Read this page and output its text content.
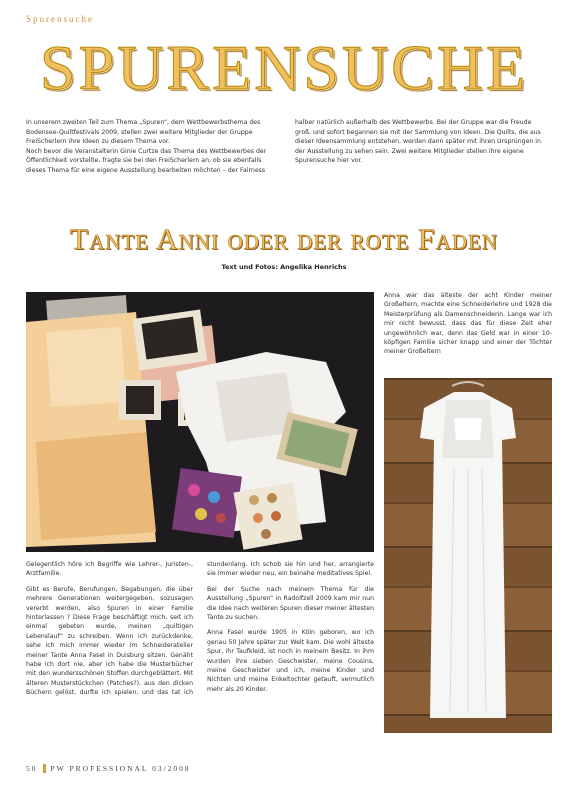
Spurensuche
SPURENSUCHE

In unserem zweiten Teil zum Thema „Spuren“, dem Wettbewerbsthema des Bodensee-Quiltfestivals 2009, stellen zwei weitere Mitglieder der Gruppe FreiScherlern ihre Ideen zu diesem Thema vor.

Noch bevor die Veranstalterin Ginie Curtze das Thema des Wettbewerbes der Öffentlichkeit vorstellte, fragte sie bei den FreiScherlern an, ob sie ebenfalls dieses Thema für eine eigene Ausstellung bearbeiten möchten – der Fairness halber natürlich außerhalb des Wettbewerbs. Bei der Gruppe war die Freude groß, und sofort begannen sie mit der Sammlung von Ideen. Die Quilts, die aus dieser Ideensammlung entstehen, werden dann später mit ihren Ursprüngen in der Ausstellung zu sehen sein. Zwei weitere Mitglieder stellen ihre eigene Spurensuche hier vor.

Tante Anni oder der rote Faden
Text und Fotos: Angelika Henrichs
Anna war das älteste der acht Kinder meiner Großeltern, machte eine Schneiderlehre und 1928 die Meisterprüfung als Damenschneiderin. Lange war ich mir nicht bewusst, dass das für diese Zeit eher ungewöhnlich war, denn das Geld war in einer 10-köpfigen Familie sicher knapp und einer der Töchter meiner Großeltern

Gelegentlich höre ich Begriffe wie Lehrer-, Juristen-, Arztfamilie.

Gibt es Berufe, Berufungen, Begabungen, die über mehrere Generationen weitergegeben, sozusagen vererbt werden, also Spuren in einer Familie hinterlassen ? Diese Frage beschäftigt mich, seit ich einmal gebeten wurde, meinen „quiltigen Lebenslauf“ zu schreiben. Wenn ich zurückdenke, sehe ich mich immer wieder im Schneideratelier meiner Tante Anna Fasel in Duisburg sitzen. Genäht habe ich dort nie, aber ich habe die Musterbücher mit den wundersschönen Stoffen durchgeblättert. Mit älteren Musterstückchen (Patches?), aus den dicken Büchern gelöst, durfte ich spielen, und das tat ich stundenlang. Ich schob sie hin und her, arrangierte sie immer wieder neu, ein beinahe meditatives Spiel.

Bei der Suche nach meinem Thema für die Ausstellung „Spuren“ in Radolfzell 2009 kam mir nun die Idee nach weiteren Spuren dieser meiner ältesten Tante zu suchen.

Anna Fasel wurde 1905 in Köln geboren, wo ich genau 50 Jahre später zur Welt kam. Die wohl älteste Spur, ihr Taufkleid, ist noch in meinem Besitz. In ihm wurden ihre sieben Geschwister, meine Cousins, meine Geschwister und ich, meine Kinder und Nichten und meine Enkeltochter getauft, vermutlich mehr als 20 Kinder.

50 PW PROFESSIONAL 03/2008
